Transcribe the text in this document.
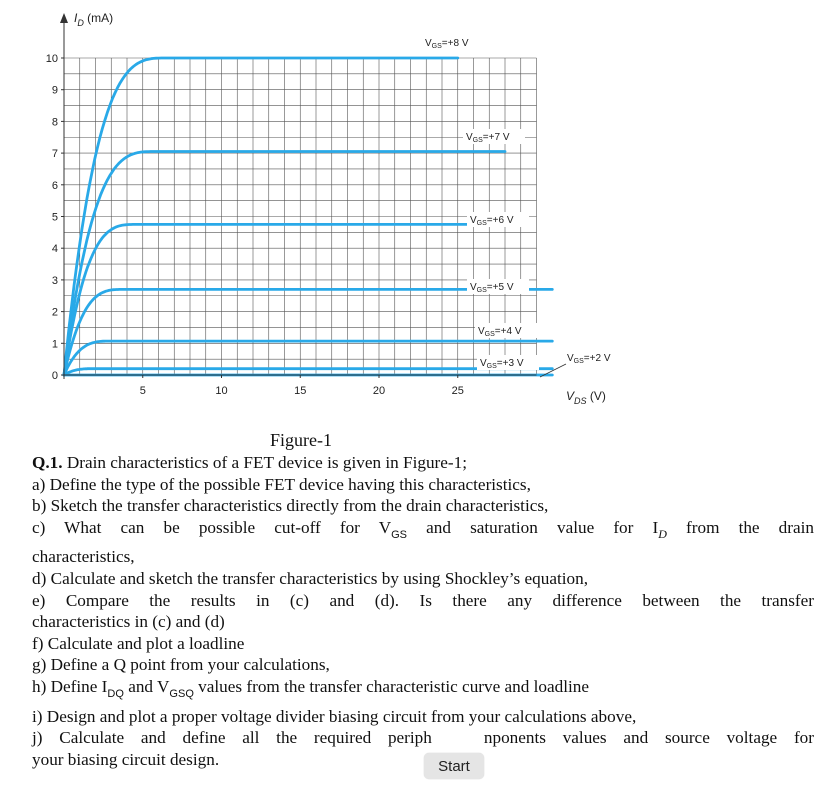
5	10	15	20	25
0
1
2
3
4
5
6
7
8
9
10
$V_{GS}=+8$ V
$V_{GS}=+7$ V
$V_{GS}=+6$ V
$V_{GS}=+5$ V
$V_{GS}=+4$ V
$V_{GS}=+3$ V	$V_{GS}=+2$ V
$I_D$ (mA)
$V_{DS}$ (V)
Figure-1

Q.1. Drain characteristics of a FET device is given in Figure-1;

a) Define the type of the possible FET device having this characteristics,

b) Sketch the transfer characteristics directly from the drain characteristics,

c) What can be possible cut-off for $V_{GS}$ and saturation value for $I_D$ from the drain

characteristics,

d) Calculate and sketch the transfer characteristics by using Shockley’s equation,

e) Compare the results in (c) and (d). Is there any difference between the transfer

characteristics in (c) and (d)

f) Calculate and plot a loadline

g) Define a Q point from your calculations,

h) Define $I_{DQ}$ and $V_{GSQ}$ values from the transfer characteristic curve and loadline

i) Design and plot a proper voltage divider biasing circuit from your calculations above,

j) Calculate and define all the required periph	nponents values and source voltage for

your biasing circuit design.	Start
